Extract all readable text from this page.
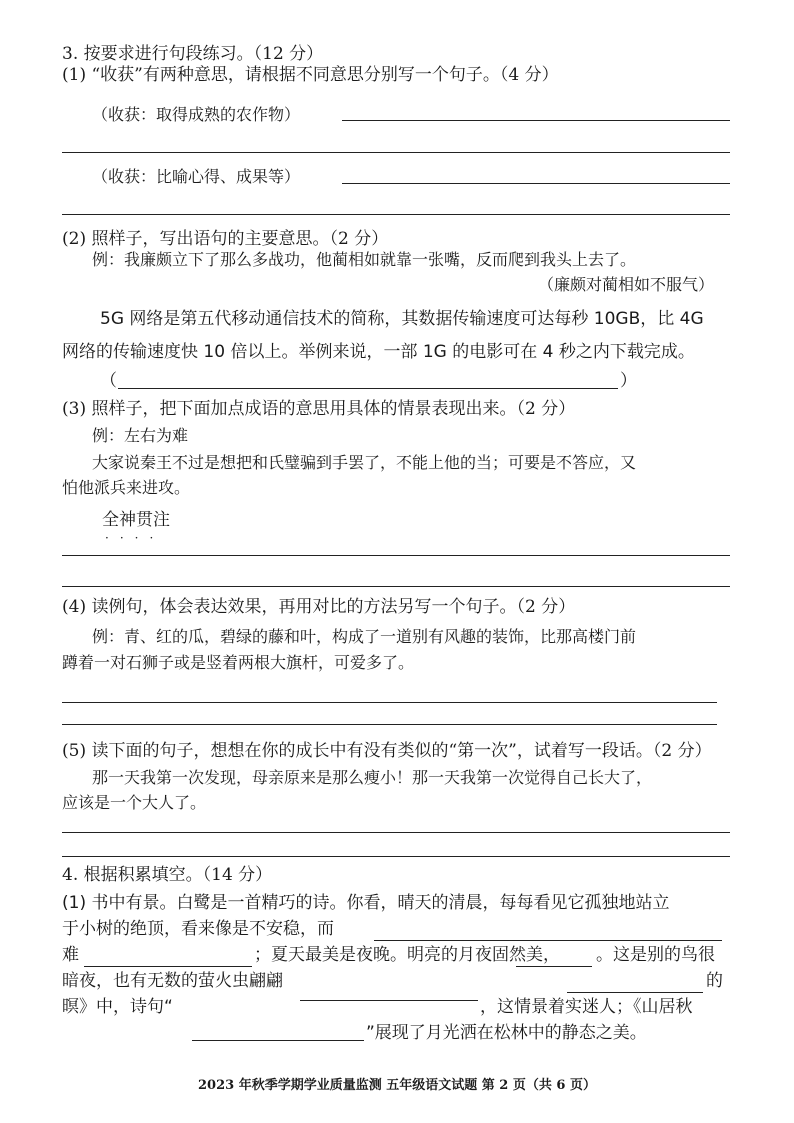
3. 按要求进行句段练习。（12 分）
(1) “收获”有两种意思，请根据不同意思分别写一个句子。（4 分）
（收获：取得成熟的农作物）
（收获：比喻心得、成果等）
(2) 照样子，写出语句的主要意思。（2 分）
例：我廉颇立下了那么多战功，他蔺相如就靠一张嘴，反而爬到我头上去了。
（廉颇对蔺相如不服气）
5G 网络是第五代移动通信技术的简称，其数据传输速度可达每秒 10GB，比 4G
网络的传输速度快 10 倍以上。举例来说，一部 1G 的电影可在 4 秒之内下载完成。
（	）
(3) 照样子，把下面加点成语的意思用具体的情景表现出来。（2 分）
例：左右为难
大家说秦王不过是想把和氏璧骗到手罢了，不能上他的当；可要是不答应，又
怕他派兵来进攻。
全神贯注
····
(4) 读例句，体会表达效果，再用对比的方法另写一个句子。（2 分）
例：青、红的瓜，碧绿的藤和叶，构成了一道别有风趣的装饰，比那高楼门前
蹲着一对石狮子或是竖着两根大旗杆，可爱多了。
(5) 读下面的句子，想想在你的成长中有没有类似的“第一次”，试着写一段话。（2 分）
那一天我第一次发现，母亲原来是那么瘦小！那一天我第一次觉得自己长大了，
应该是一个大人了。
4. 根据积累填空。（14 分）
(1) 书中有景。白鹭是一首精巧的诗。你看，晴天的清晨，每每看见它孤独地站立
于小树的绝顶，看来像是不安稳，而
难	；夏天最美是夜晚。明亮的月夜固然美， 。这是别的鸟很
暗夜，也有无数的萤火虫翩翩	的
暝》中，诗句“	，这情景着实迷人；《山居秋
”展现了月光洒在松林中的静态之美。
2023 年秋季学期学业质量监测 五年级语文试题 第 2 页（共 6 页）
